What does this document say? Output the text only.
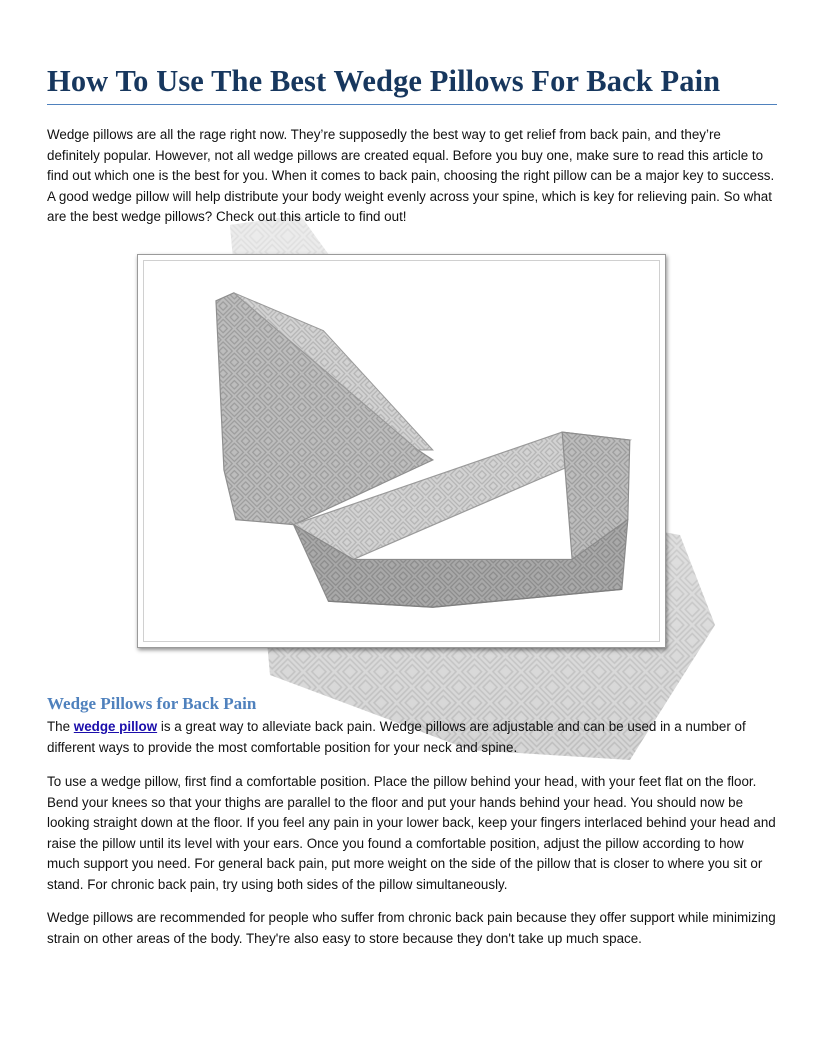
How To Use The Best Wedge Pillows For Back Pain

Wedge pillows are all the rage right now. They’re supposedly the best way to get relief from back pain, and they’re definitely popular. However, not all wedge pillows are created equal. Before you buy one, make sure to read this article to find out which one is the best for you. When it comes to back pain, choosing the right pillow can be a major key to success. A good wedge pillow will help distribute your body weight evenly across your spine, which is key for relieving pain. So what are the best wedge pillows? Check out this article to find out!

Wedge Pillows for Back Pain

The wedge pillow is a great way to alleviate back pain. Wedge pillows are adjustable and can be used in a number of different ways to provide the most comfortable position for your neck and spine.

To use a wedge pillow, first find a comfortable position. Place the pillow behind your head, with your feet flat on the floor. Bend your knees so that your thighs are parallel to the floor and put your hands behind your head. You should now be looking straight down at the floor. If you feel any pain in your lower back, keep your fingers interlaced behind your head and raise the pillow until its level with your ears. Once you found a comfortable position, adjust the pillow according to how much support you need. For general back pain, put more weight on the side of the pillow that is closer to where you sit or stand. For chronic back pain, try using both sides of the pillow simultaneously.

Wedge pillows are recommended for people who suffer from chronic back pain because they offer support while minimizing strain on other areas of the body. They're also easy to store because they don't take up much space.
